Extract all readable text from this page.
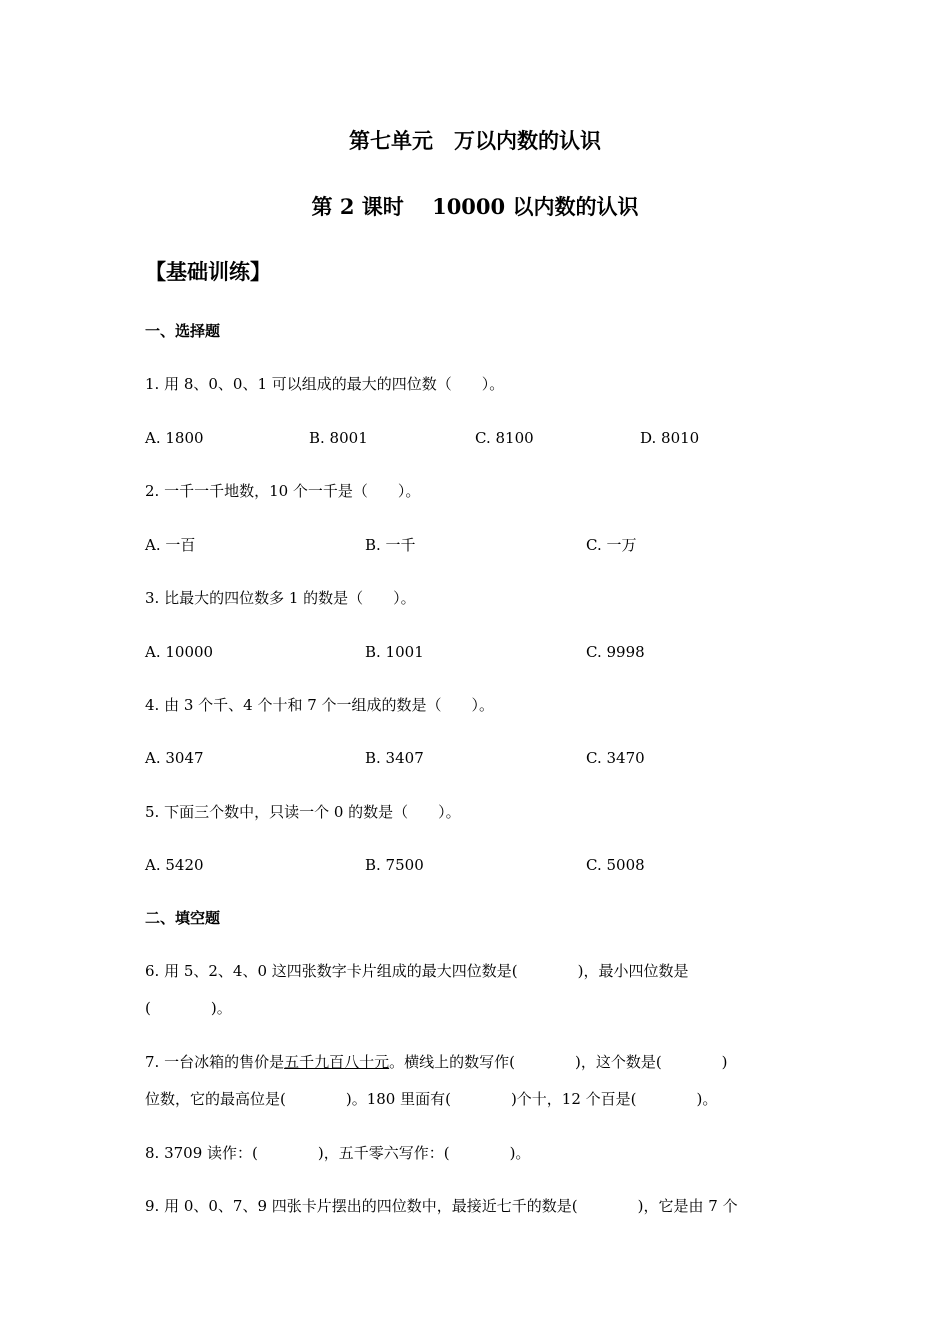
第七单元　万以内数的认识
第 2 课时　 10000 以内数的认识
【基础训练】
一、选择题
1. 用 8、0、0、1 可以组成的最大的四位数（　　）。
A. 1800	B. 8001	C. 8100	D. 8010
2. 一千一千地数，10 个一千是（　　）。
A. 一百	B. 一千	C. 一万
3. 比最大的四位数多 1 的数是（　　）。
A. 10000	B. 1001	C. 9998
4. 由 3 个千、4 个十和 7 个一组成的数是（　　）。
A. 3047	B. 3407	C. 3470
5. 下面三个数中，只读一个 0 的数是（　　）。
A. 5420	B. 7500	C. 5008
二、填空题
6. 用 5、2、4、0 这四张数字卡片组成的最大四位数是(　　　　)，最小四位数是
(　　　　)。
7. 一台冰箱的售价是五千九百八十元。横线上的数写作(　　　　)，这个数是(　　　　)
位数，它的最高位是(　　　　)。180 里面有(　　　　)个十，12 个百是(　　　　)。
8. 3709 读作：(　　　　)，五千零六写作：(　　　　)。
9. 用 0、0、7、9 四张卡片摆出的四位数中，最接近七千的数是(　　　　)，它是由 7 个
